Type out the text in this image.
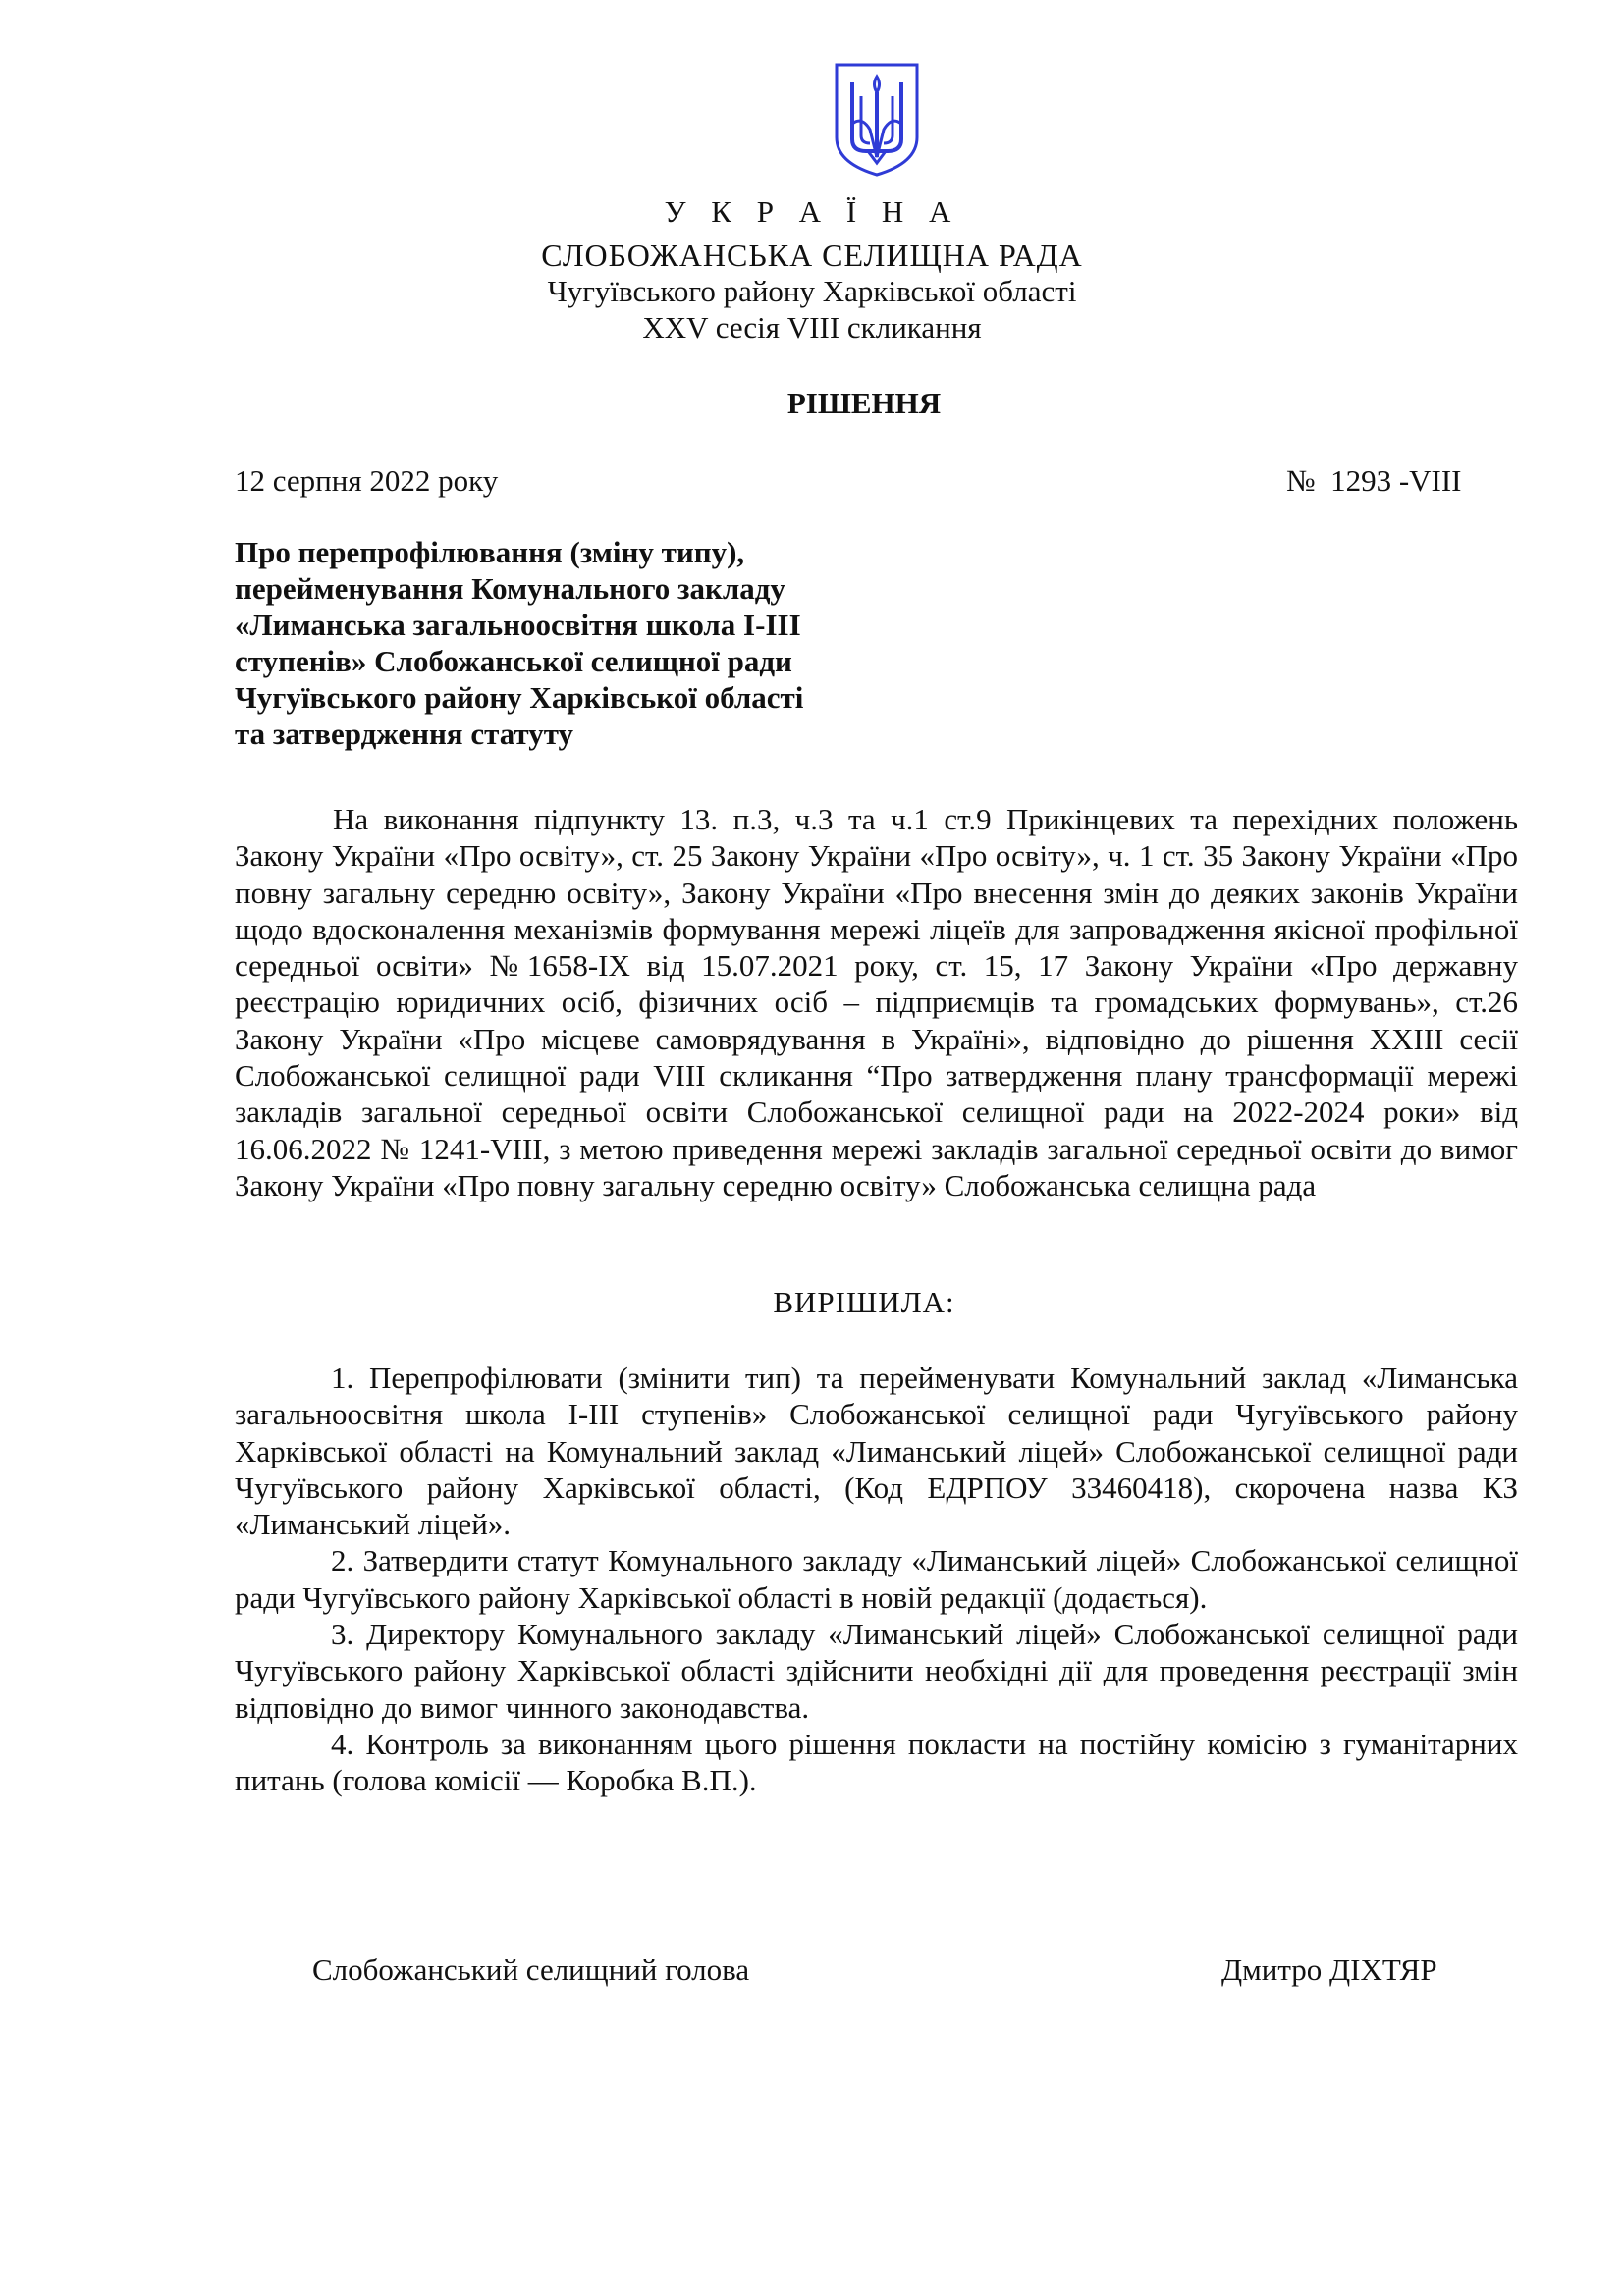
У К Р А Ї Н А
СЛОБОЖАНСЬКА СЕЛИЩНА РАДА
Чугуївського району Харківської області
XXV сесія VIII скликання
РІШЕННЯ
12 серпня 2022 року	№  1293 -VIII
Про перепрофілювання (зміну типу),
перейменування Комунального закладу
«Лиманська загальноосвітня школа І-ІІІ
ступенів» Слобожанської селищної ради
Чугуївського району Харківської області
та затвердження статуту
На виконання підпункту 13. п.3, ч.3 та ч.1 ст.9 Прикінцевих та перехідних положень Закону України «Про освіту», ст. 25 Закону України «Про освіту», ч. 1 ст. 35 Закону України «Про повну загальну середню освіту», Закону України «Про внесення змін до деяких законів України щодо вдосконалення механізмів формування мережі ліцеїв для запровадження якісної профільної середньої освіти» №1658-IX від 15.07.2021 року, ст. 15, 17 Закону України «Про державну реєстрацію юридичних осіб, фізичних осіб – підприємців та громадських формувань», ст.26 Закону України «Про місцеве самоврядування в Україні», відповідно до рішення XXIII сесії Слобожанської селищної ради VIII скликання “Про затвердження плану трансформації мережі закладів загальної середньої освіти Слобожанської селищної ради на 2022-2024 роки» від 16.06.2022 № 1241-VIII, з метою приведення мережі закладів загальної середньої освіти до вимог Закону України «Про повну загальну середню освіту» Слобожанська селищна рада
ВИРІШИЛА:

1. Перепрофілювати (змінити тип) та перейменувати Комунальний заклад «Лиманська загальноосвітня школа І-ІІІ ступенів» Слобожанської селищної ради Чугуївського району Харківської області на Комунальний заклад «Лиманський ліцей» Слобожанської селищної ради Чугуївського району Харківської області, (Код ЕДРПОУ 33460418), скорочена назва КЗ «Лиманський ліцей».

2. Затвердити статут Комунального закладу «Лиманський ліцей» Слобожанської селищної ради Чугуївського району Харківської області в новій редакції (додається).

3. Директору Комунального закладу «Лиманський ліцей» Слобожанської селищної ради Чугуївського району Харківської області здійснити необхідні дії для проведення реєстрації змін відповідно до вимог чинного законодавства.

4. Контроль за виконанням цього рішення покласти на постійну комісію з гуманітарних питань (голова комісії — Коробка В.П.).

Слобожанський селищний голова	Дмитро ДІХТЯР
